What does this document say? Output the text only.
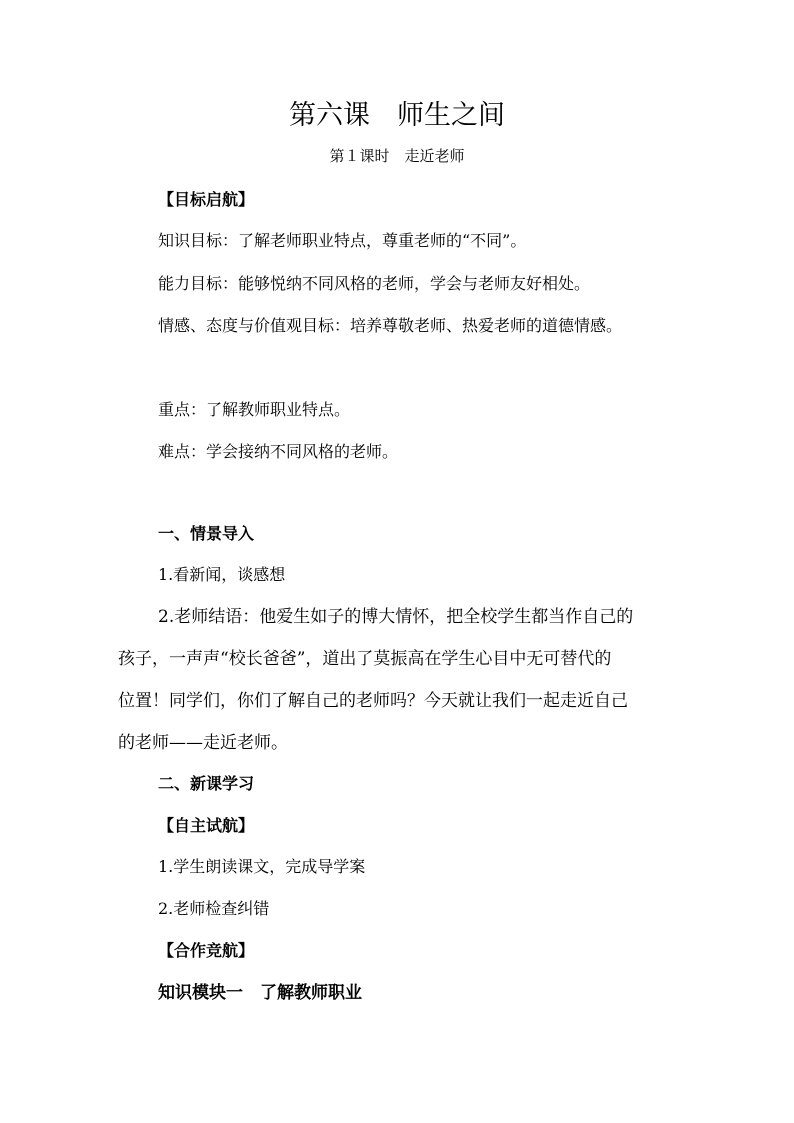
第六课　师生之间
第１课时　走近老师
【目标启航】
知识目标：了解老师职业特点，尊重老师的“不同”。
能力目标：能够悦纳不同风格的老师，学会与老师友好相处。
情感、态度与价值观目标：培养尊敬老师、热爱老师的道德情感。
重点：了解教师职业特点。
难点：学会接纳不同风格的老师。
一、情景导入
1.看新闻，谈感想
2.老师结语：他爱生如子的博大情怀，把全校学生都当作自己的
孩子，一声声“校长爸爸”，道出了莫振高在学生心目中无可替代的
位置！同学们，你们了解自己的老师吗？今天就让我们一起走近自己
的老师——走近老师。
二、新课学习
【自主试航】
1.学生朗读课文，完成导学案
2.老师检查纠错
【合作竞航】
知识模块一　了解教师职业
